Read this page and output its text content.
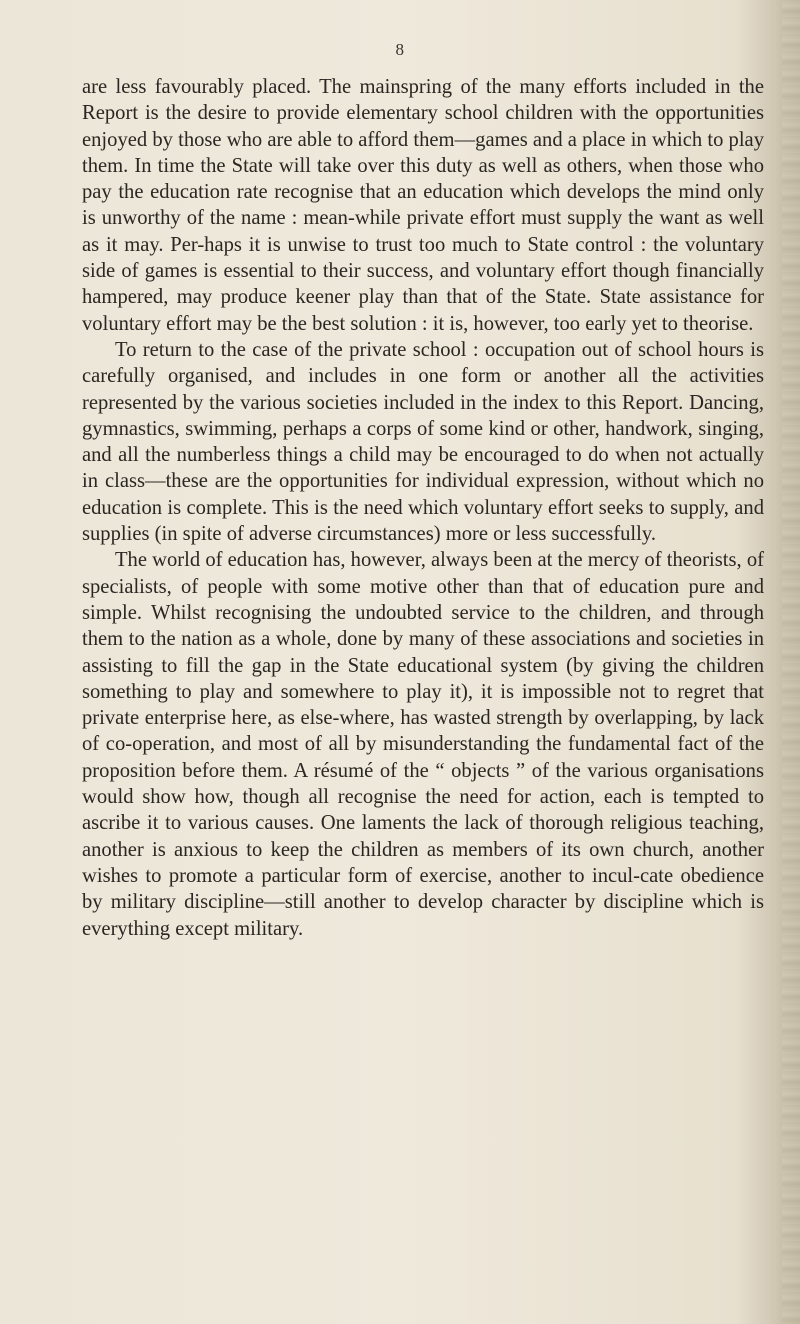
8

are less favourably placed. The mainspring of the many efforts included in the Report is the desire to provide elementary school children with the opportunities enjoyed by those who are able to afford them—games and a place in which to play them. In time the State will take over this duty as well as others, when those who pay the education rate recognise that an education which develops the mind only is unworthy of the name : mean-while private effort must supply the want as well as it may. Per-haps it is unwise to trust too much to State control : the voluntary side of games is essential to their success, and voluntary effort though financially hampered, may produce keener play than that of the State. State assistance for voluntary effort may be the best solution : it is, however, too early yet to theorise.

To return to the case of the private school : occupation out of school hours is carefully organised, and includes in one form or another all the activities represented by the various societies included in the index to this Report. Dancing, gymnastics, swimming, perhaps a corps of some kind or other, handwork, singing, and all the numberless things a child may be encouraged to do when not actually in class—these are the opportunities for individual expression, without which no education is complete. This is the need which voluntary effort seeks to supply, and supplies (in spite of adverse circumstances) more or less successfully.

The world of education has, however, always been at the mercy of theorists, of specialists, of people with some motive other than that of education pure and simple. Whilst recognising the undoubted service to the children, and through them to the nation as a whole, done by many of these associations and societies in assisting to fill the gap in the State educational system (by giving the children something to play and somewhere to play it), it is impossible not to regret that private enterprise here, as else-where, has wasted strength by overlapping, by lack of co-operation, and most of all by misunderstanding the fundamental fact of the proposition before them. A résumé of the “ objects ” of the various organisations would show how, though all recognise the need for action, each is tempted to ascribe it to various causes. One laments the lack of thorough religious teaching, another is anxious to keep the children as members of its own church, another wishes to promote a particular form of exercise, another to incul-cate obedience by military discipline—still another to develop character by discipline which is everything except military.
